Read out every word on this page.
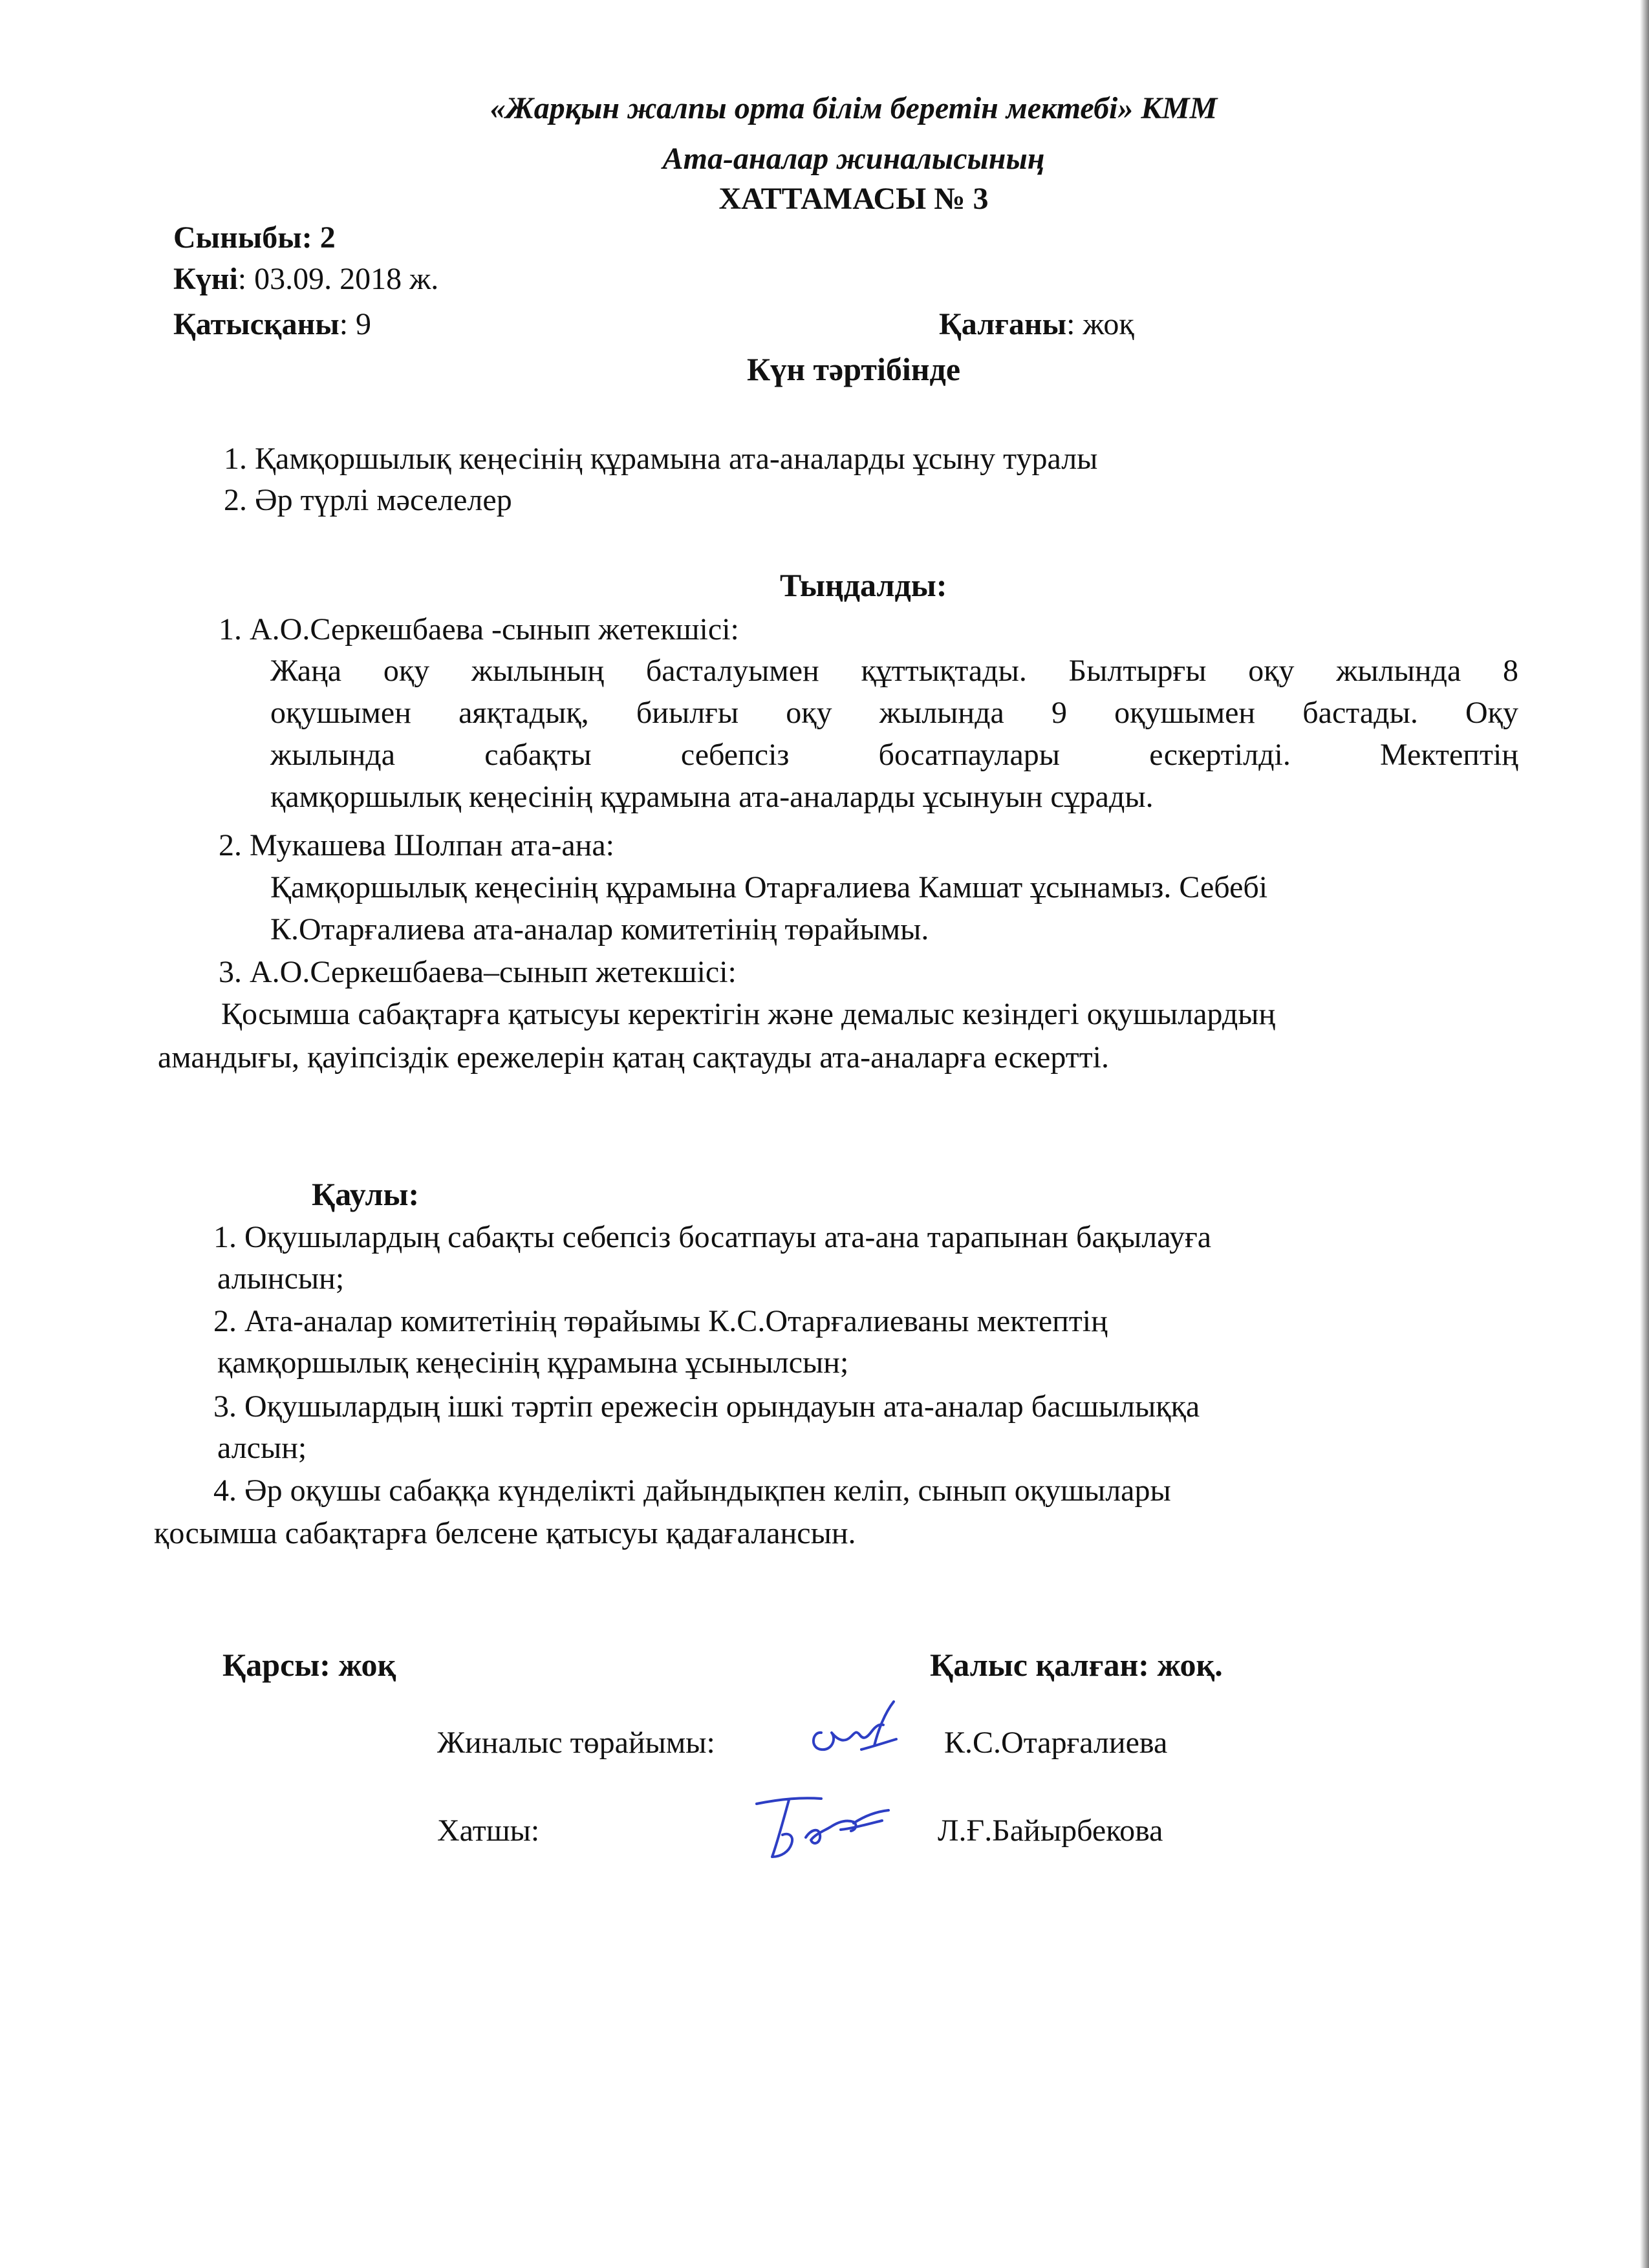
«Жарқын жалпы орта білім беретін мектебі» КММ
Ата-аналар жиналысының
ХАТТАМАСЫ № 3
Сыныбы: 2
Күні: 03.09. 2018 ж.
Қатысқаны: 9	Қалғаны: жоқ
Күн тәртібінде
1. Қамқоршылық кеңесінің құрамына ата-аналарды ұсыну туралы
2. Әр түрлі мәселелер
Тыңдалды:
1. А.О.Серкешбаева -сынып жетекшісі:
Жаңа оқу жылының басталуымен құттықтады. Былтырғы оқу жылында 8
оқушымен аяқтадық, биылғы оқу жылында 9 оқушымен бастады. Оқу
жылында сабақты себепсіз босатпаулары ескертілді. Мектептің
қамқоршылық кеңесінің құрамына ата-аналарды ұсынуын сұрады.
2. Мукашева Шолпан ата-ана:
Қамқоршылық кеңесінің құрамына Отарғалиева Камшат ұсынамыз. Себебі
К.Отарғалиева ата-аналар комитетінің төрайымы.
3. А.О.Серкешбаева–сынып жетекшісі:
Қосымша сабақтарға қатысуы керектігін және демалыс кезіндегі оқушылардың
амандығы, қауіпсіздік ережелерін қатаң сақтауды ата-аналарға ескертті.
Қаулы:
1. Оқушылардың сабақты себепсіз босатпауы ата-ана тарапынан бақылауға
алынсын;
2. Ата-аналар комитетінің төрайымы К.С.Отарғалиеваны мектептің
қамқоршылық кеңесінің құрамына ұсынылсын;
3. Оқушылардың ішкі тәртіп ережесін орындауын ата-аналар басшылыққа
алсын;
4. Әр оқушы сабаққа күнделікті дайындықпен келіп, сынып оқушылары
қосымша сабақтарға белсене қатысуы қадағалансын.
Қарсы: жоқ	Қалыс қалған: жоқ.
Жиналыс төрайымы:	К.С.Отарғалиева
Хатшы:	Л.Ғ.Байырбекова
